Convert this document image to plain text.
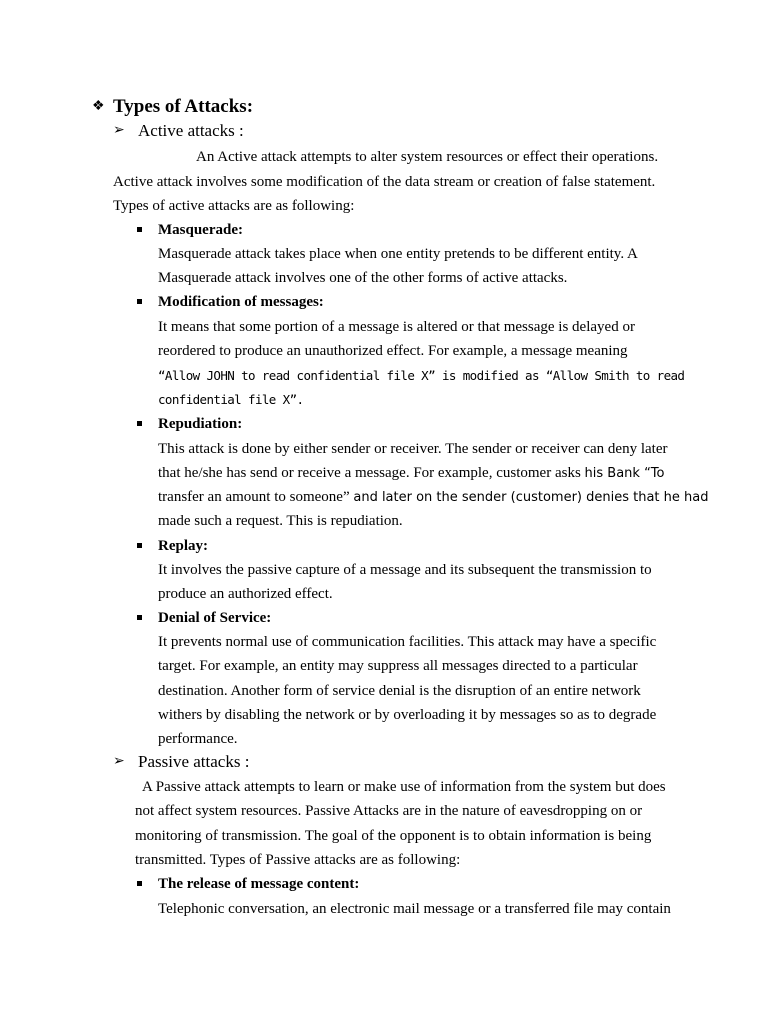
❖ Types of Attacks:
➢ Active attacks :
An Active attack attempts to alter system resources or effect their operations.
Active attack involves some modification of the data stream or creation of false statement.
Types of active attacks are as following:
Masquerade:
Masquerade attack takes place when one entity pretends to be different entity. A
Masquerade attack involves one of the other forms of active attacks.
Modification of messages:
It means that some portion of a message is altered or that message is delayed or
reordered to produce an unauthorized effect. For example, a message meaning
“Allow JOHN to read confidential file X” is modified as “Allow Smith to read
confidential file X”.
Repudiation:
This attack is done by either sender or receiver. The sender or receiver can deny later
that he/she has send or receive a message. For example, customer asks his Bank “To
transfer an amount to someone” and later on the sender (customer) denies that he had
made such a request. This is repudiation.
Replay:
It involves the passive capture of a message and its subsequent the transmission to
produce an authorized effect.
Denial of Service:
It prevents normal use of communication facilities. This attack may have a specific
target. For example, an entity may suppress all messages directed to a particular
destination. Another form of service denial is the disruption of an entire network
withers by disabling the network or by overloading it by messages so as to degrade
performance.
➢ Passive attacks :
A Passive attack attempts to learn or make use of information from the system but does
not affect system resources. Passive Attacks are in the nature of eavesdropping on or
monitoring of transmission. The goal of the opponent is to obtain information is being
transmitted. Types of Passive attacks are as following:
The release of message content:
Telephonic conversation, an electronic mail message or a transferred file may contain
